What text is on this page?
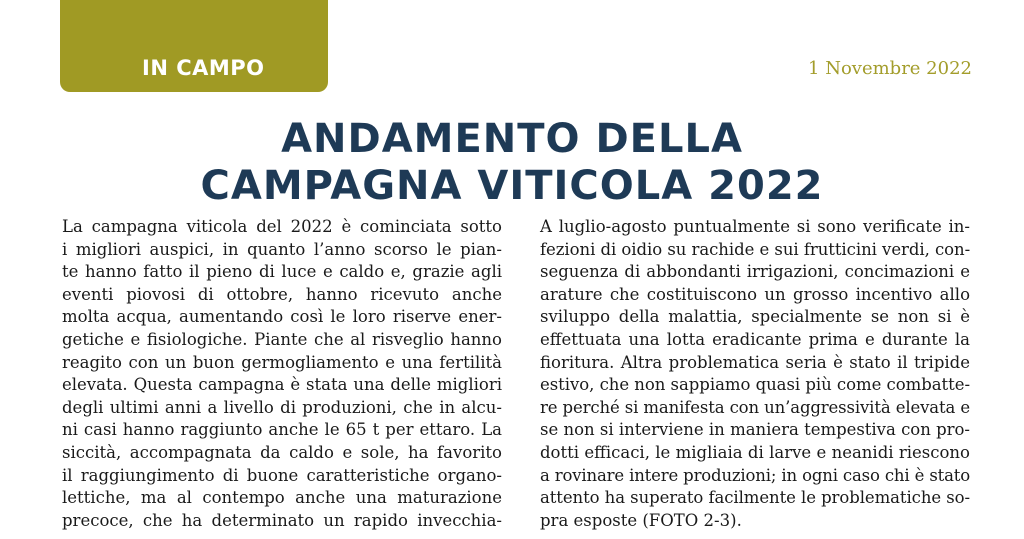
IN CAMPO	1 Novembre 2022
ANDAMENTO DELLA
CAMPAGNA VITICOLA 2022
La campagna viticola del 2022 è cominciata sotto
i migliori auspici, in quanto l’anno scorso le pian-
te hanno fatto il pieno di luce e caldo e, grazie agli
eventi piovosi di ottobre, hanno ricevuto anche
molta acqua, aumentando così le loro riserve ener-
getiche e fisiologiche. Piante che al risveglio hanno
reagito con un buon germogliamento e una fertilità
elevata. Questa campagna è stata una delle migliori
degli ultimi anni a livello di produzioni, che in alcu-
ni casi hanno raggiunto anche le 65 t per ettaro. La
siccità, accompagnata da caldo e sole, ha favorito
il raggiungimento di buone caratteristiche organo-
lettiche, ma al contempo anche una maturazione
precoce, che ha determinato un rapido invecchia-
A luglio-agosto puntualmente si sono verificate in-
fezioni di oidio su rachide e sui frutticini verdi, con-
seguenza di abbondanti irrigazioni, concimazioni e
arature che costituiscono un grosso incentivo allo
sviluppo della malattia, specialmente se non si è
effettuata una lotta eradicante prima e durante la
fioritura. Altra problematica seria è stato il tripide
estivo, che non sappiamo quasi più come combatte-
re perché si manifesta con un’aggressività elevata e
se non si interviene in maniera tempestiva con pro-
dotti efficaci, le migliaia di larve e neanidi riescono
a rovinare intere produzioni; in ogni caso chi è stato
attento ha superato facilmente le problematiche so-
pra esposte (FOTO 2-3).
